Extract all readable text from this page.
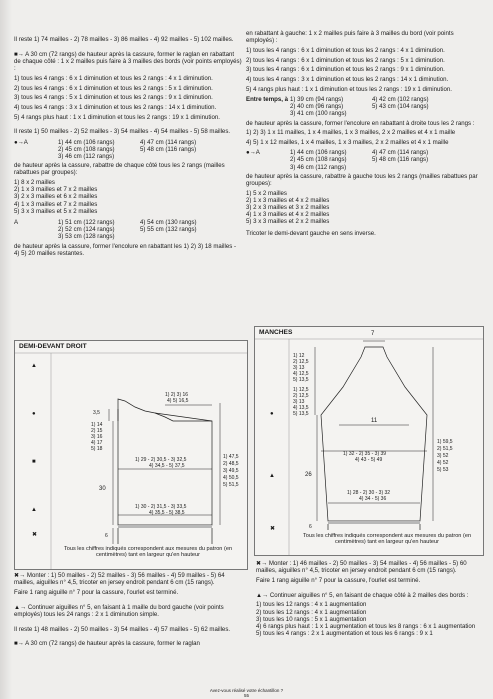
Il reste 1) 74 mailles - 2) 78 mailles - 3) 86 mailles - 4) 92 mailles - 5) 102 mailles.

■→ A 30 cm (72 rangs) de hauteur après la cassure, former le raglan en rabattant de chaque côté : 1 x 2 mailles puis faire à 3 mailles des bords (voir points employés) :

1) tous les 4 rangs : 6 x 1 diminution et tous les 2 rangs : 4 x 1 diminution.

2) tous les 4 rangs : 6 x 1 diminution et tous les 2 rangs : 5 x 1 diminution.

3) tous les 4 rangs : 5 x 1 diminution et tous les 2 rangs : 9 x 1 diminution.

4) tous les 4 rangs : 3 x 1 diminution et tous les 2 rangs : 14 x 1 diminution.

5) 4 rangs plus haut : 1 x 1 diminution et tous les 2 rangs : 19 x 1 diminution.

Il reste 1) 50 mailles - 2) 52 mailles - 3) 54 mailles - 4) 54 mailles - 5) 58 mailles.

●→A	1) 44 cm (106 rangs)
2) 45 cm (108 rangs)
3) 46 cm (112 rangs)
4) 47 cm (114 rangs)
5) 48 cm (116 rangs)

de hauteur après la cassure, rabattre de chaque côté tous les 2 rangs (mailles rabattues par groupes):

1) 8 x 2 mailles
2) 1 x 3 mailles et 7 x 2 mailles
3) 2 x 3 mailles et 6 x 2 mailles
4) 1 x 3 mailles et 7 x 2 mailles
5) 3 x 3 mailles et 5 x 2 mailles
A	1) 51 cm (122 rangs)
2) 52 cm (124 rangs)
3) 53 cm (128 rangs)
4) 54 cm (130 rangs)
5) 55 cm (132 rangs)

de hauteur après la cassure, former l'encolure en rabattant les 1) 2) 3) 18 mailles - 4) 5) 20 mailles restantes.

DEMI-DEVANT DROIT
1) 2) 3) 16
4) 5) 16,5
3,5
1) 14
2) 15
3) 16
4) 17
5) 18
1) 29 - 2) 30,5 - 3) 32,5
4) 34,5 - 5) 37,5
1) 47,5
2) 48,5
3) 49,5
4) 50,5
5) 51,5
30
1) 30 - 2) 31,5 - 3) 33,5
4) 35,5 - 5) 38,5
6
▲
●
■
▲
✖
Tous les chiffres indiqués correspondent aux mesures du patron (en centimètres) tant en largeur qu'en hauteur

✖→ Monter : 1) 50 mailles - 2) 52 mailles - 3) 56 mailles - 4) 59 mailles - 5) 64 mailles, aiguilles n° 4,5, tricoter en jersey endroit pendant 6 cm (15 rangs).

Faire 1 rang aiguille n° 7 pour la cassure, l'ourlet est terminé.

▲→ Continuer aiguilles n° 5, en faisant à 1 maille du bord gauche (voir points employés) tous les 24 rangs : 2 x 1 diminution simple.

Il reste 1) 48 mailles - 2) 50 mailles - 3) 54 mailles - 4) 57 mailles - 5) 62 mailles.

■→ A 30 cm (72 rangs) de hauteur après la cassure, former le raglan

en rabattant à gauche: 1 x 2 mailles puis faire à 3 mailles du bord (voir points employés) :

1) tous les 4 rangs : 6 x 1 diminution et tous les 2 rangs : 4 x 1 diminution.

2) tous les 4 rangs : 6 x 1 diminution et tous les 2 rangs : 5 x 1 diminution.

3) tous les 4 rangs : 6 x 1 diminution et tous les 2 rangs : 9 x 1 diminution.

4) tous les 4 rangs : 3 x 1 diminution et tous les 2 rangs : 14 x 1 diminution.

5) 4 rangs plus haut : 1 x 1 diminution et tous les 2 rangs : 19 x 1 diminution.

Entre temps, à 1) 39 cm (94 rangs)
2) 40 cm (96 rangs)
3) 41 cm (100 rangs)
4) 42 cm (102 rangs)
5) 43 cm (104 rangs)

de hauteur après la cassure, former l'encolure en rabattant à droite tous les 2 rangs :

1) 2) 3) 1 x 11 mailles, 1 x 4 mailles, 1 x 3 mailles, 2 x 2 mailles et 4 x 1 maille

4) 5) 1 x 12 mailles, 1 x 4 mailles, 1 x 3 mailles, 2 x 2 mailles et 4 x 1 maille

●→A	1) 44 cm (106 rangs)
2) 45 cm (108 rangs)
3) 46 cm (112 rangs)
4) 47 cm (114 rangs)
5) 48 cm (116 rangs)

de hauteur après la cassure, rabattre à gauche tous les 2 rangs (mailles rabattues par groupes):

1) 5 x 2 mailles
2) 1 x 3 mailles et 4 x 2 mailles
3) 2 x 3 mailles et 3 x 2 mailles
4) 1 x 3 mailles et 4 x 2 mailles
5) 3 x 3 mailles et 2 x 2 mailles

Tricoter le demi-devant gauche en sens inverse.

MANCHES	7
1) 12
2) 12,5
3) 13
4) 12,5
5) 13,5
1) 12,5
2) 12,5
3) 13
4) 13,5
5) 13,5
11
1) 32 - 2) 35 - 3) 39
4) 43 - 5) 49
1) 59,5
2) 51,5
3) 52
4) 52
5) 53
26
1) 28 - 2) 30 - 3) 32
4) 34 - 5) 36
6
●
▲
✖
Tous les chiffres indiqués correspondent aux mesures du patron (en centimètres) tant en largeur qu'en hauteur

✖→ Monter : 1) 46 mailles - 2) 50 mailles - 3) 54 mailles - 4) 56 mailles - 5) 60 mailles, aiguilles n° 4,5, tricoter en jersey endroit pendant 6 cm (15 rangs).

Faire 1 rang aiguille n° 7 pour la cassure, l'ourlet est terminé.

▲→ Continuer aiguilles n° 5, en faisant de chaque côté à 2 mailles des bords :

1) tous les 12 rangs : 4 x 1 augmentation
2) tous les 12 rangs : 4 x 1 augmentation
3) tous les 10 rangs : 5 x 1 augmentation
4) 6 rangs plus haut : 1 x 1 augmentation et tous les 8 rangs : 6 x 1 augmentation
5) tous les 4 rangs : 2 x 1 augmentation et tous les 6 rangs : 9 x 1
Avez-vous réalisé votre échantillon ?
55
